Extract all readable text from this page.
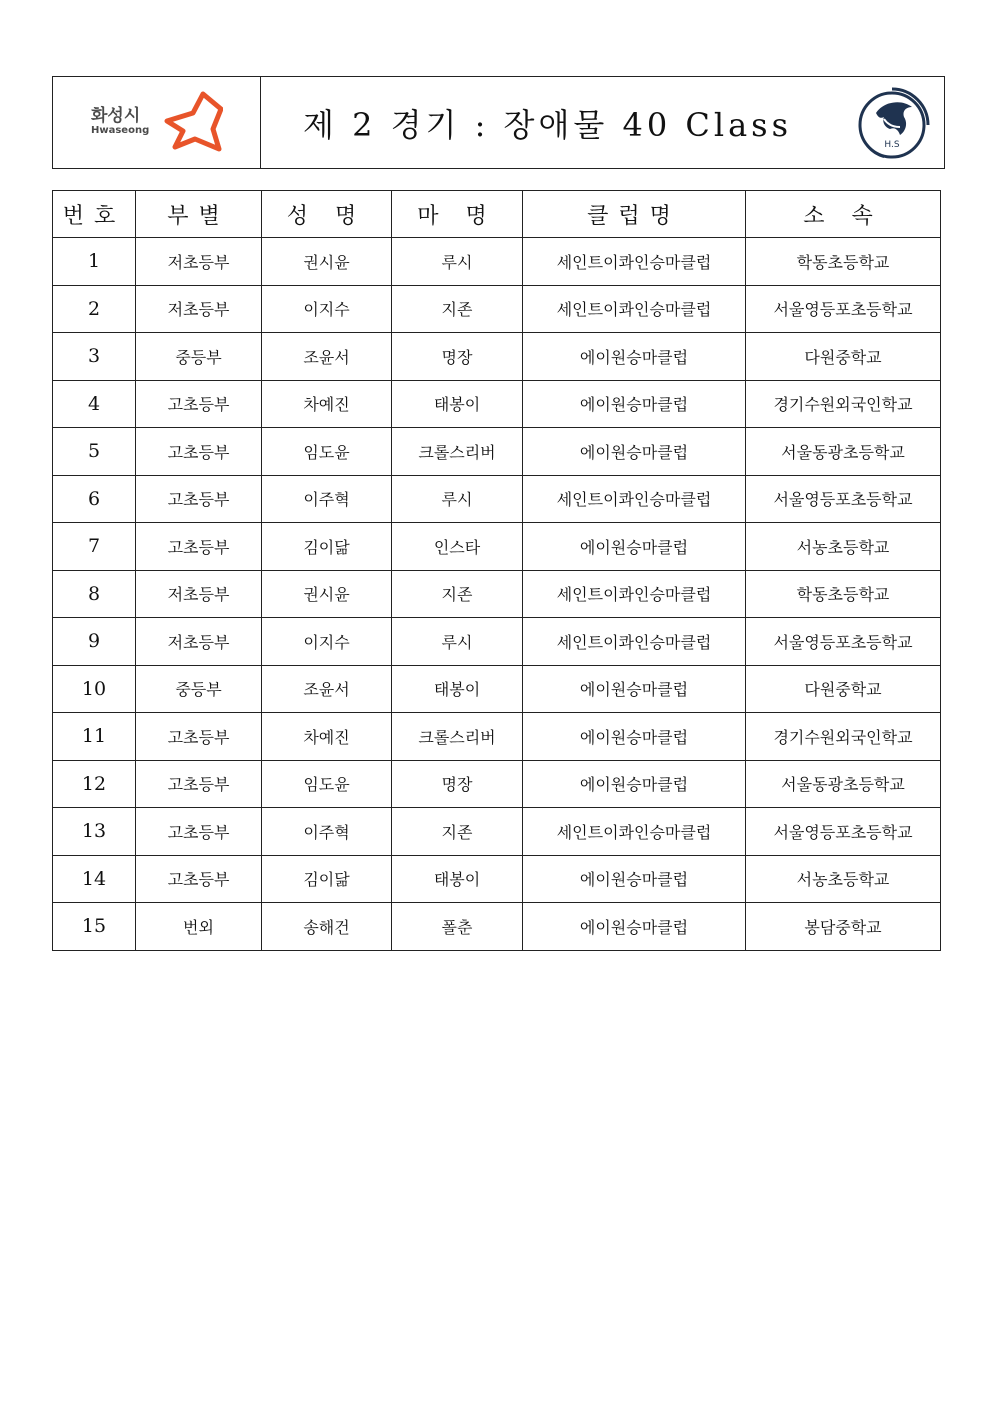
화성시
Hwaseong	제 2 경기 : 장애물 40 Class
H.S
번호	부별	성 명	마 명	클럽명	소 속
1	저초등부	권시윤	루시	세인트이콰인승마클럽	학동초등학교
2	저초등부	이지수	지존	세인트이콰인승마클럽	서울영등포초등학교
3	중등부	조윤서	명장	에이원승마클럽	다원중학교
4	고초등부	차예진	태봉이	에이원승마클럽	경기수원외국인학교
5	고초등부	임도윤	크롤스리버	에이원승마클럽	서울동광초등학교
6	고초등부	이주혁	루시	세인트이콰인승마클럽	서울영등포초등학교
7	고초등부	김이닮	인스타	에이원승마클럽	서농초등학교
8	저초등부	권시윤	지존	세인트이콰인승마클럽	학동초등학교
9	저초등부	이지수	루시	세인트이콰인승마클럽	서울영등포초등학교
10	중등부	조윤서	태봉이	에이원승마클럽	다원중학교
11	고초등부	차예진	크롤스리버	에이원승마클럽	경기수원외국인학교
12	고초등부	임도윤	명장	에이원승마클럽	서울동광초등학교
13	고초등부	이주혁	지존	세인트이콰인승마클럽	서울영등포초등학교
14	고초등부	김이닮	태봉이	에이원승마클럽	서농초등학교
15	번외	송해건	폴춘	에이원승마클럽	봉담중학교
